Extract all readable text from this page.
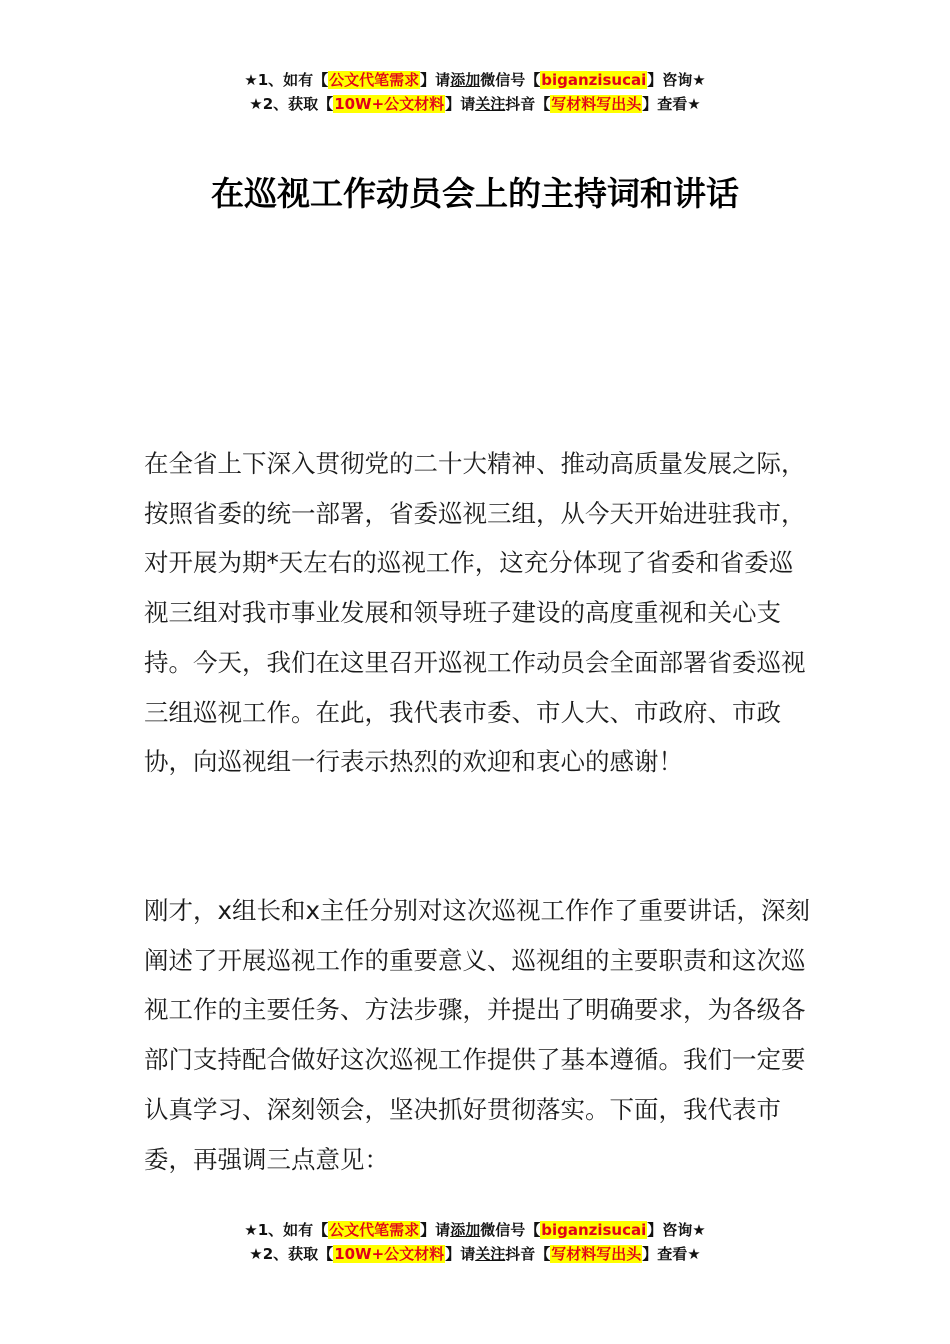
★1、如有【公文代笔需求】请添加微信号【biganzisucai】咨询★
★2、获取【10W+公文材料】请关注抖音【写材料写出头】查看★
在巡视工作动员会上的主持词和讲话

在全省上下深入贯彻党的二十大精神、推动高质量发展之际，按照省委的统一部署，省委巡视三组，从今天开始进驻我市，对开展为期*天左右的巡视工作，这充分体现了省委和省委巡视三组对我市事业发展和领导班子建设的高度重视和关心支持。今天，我们在这里召开巡视工作动员会全面部署省委巡视三组巡视工作。在此，我代表市委、市人大、市政府、市政协，向巡视组一行表示热烈的欢迎和衷心的感谢！

刚才，x组长和x主任分别对这次巡视工作作了重要讲话，深刻阐述了开展巡视工作的重要意义、巡视组的主要职责和这次巡视工作的主要任务、方法步骤，并提出了明确要求，为各级各部门支持配合做好这次巡视工作提供了基本遵循。我们一定要认真学习、深刻领会，坚决抓好贯彻落实。下面，我代表市委，再强调三点意见：

★1、如有【公文代笔需求】请添加微信号【biganzisucai】咨询★
★2、获取【10W+公文材料】请关注抖音【写材料写出头】查看★
